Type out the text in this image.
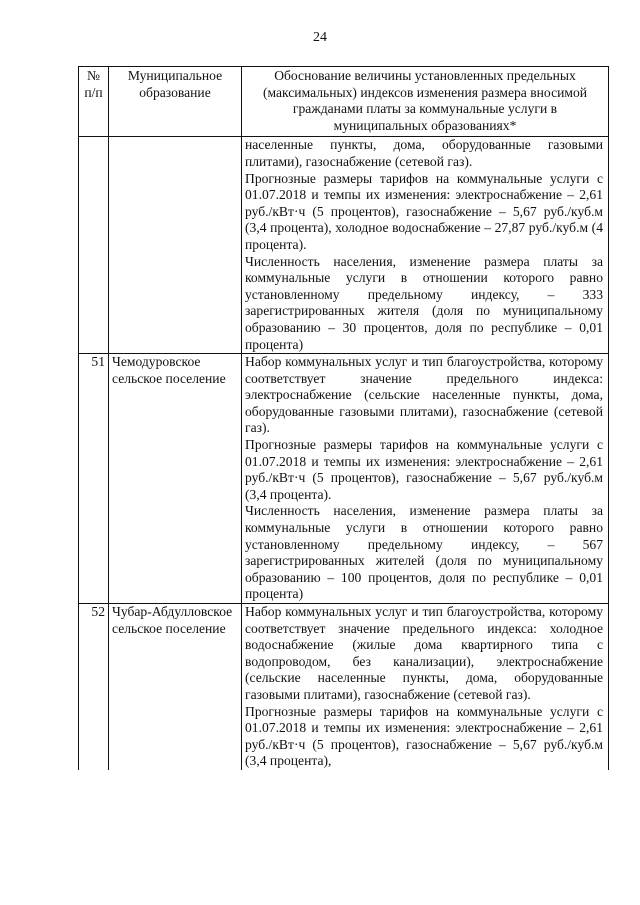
24
№ п/п	Муниципальное образование	Обоснование величины установленных предельных (максимальных) индексов изменения размера вносимой гражданами платы за коммунальные услуги в муниципальных образованиях*

		населенные пункты, дома, оборудованные газовыми плитами), газоснабжение (сетевой газ).
Прогнозные размеры тарифов на коммунальные услуги с 01.07.2018 и темпы их изменения: электроснабжение – 2,61 руб./кВт·ч (5 процентов), газоснабжение – 5,67 руб./куб.м (3,4 процента), холодное водоснабжение – 27,87 руб./куб.м (4 процента).
Численность населения, изменение размера платы за коммунальные услуги в отношении которого равно установленному предельному индексу, – 333 зарегистрированных жителя (доля по муниципальному образованию – 30 процентов, доля по республике – 0,01 процента)

51	Чемодуровское сельское поселение	Набор коммунальных услуг и тип благоустройства, которому соответствует значение предельного индекса: электроснабжение (сельские населенные пункты, дома, оборудованные газовыми плитами), газоснабжение (сетевой газ).
Прогнозные размеры тарифов на коммунальные услуги с 01.07.2018 и темпы их изменения: электроснабжение – 2,61 руб./кВт·ч (5 процентов), газоснабжение – 5,67 руб./куб.м (3,4 процента).
Численность населения, изменение размера платы за коммунальные услуги в отношении которого равно установленному предельному индексу, – 567 зарегистрированных жителей (доля по муниципальному образованию – 100 процентов, доля по республике – 0,01 процента)

52	Чубар-Абдулловское сельское поселение	Набор коммунальных услуг и тип благоустройства, которому соответствует значение предельного индекса: холодное водоснабжение (жилые дома квартирного типа с водопроводом, без канализации), электроснабжение (сельские населенные пункты, дома, оборудованные газовыми плитами), газоснабжение (сетевой газ).
Прогнозные размеры тарифов на коммунальные услуги с 01.07.2018 и темпы их изменения: электроснабжение – 2,61 руб./кВт·ч (5 процентов), газоснабжение – 5,67 руб./куб.м (3,4 процента),
